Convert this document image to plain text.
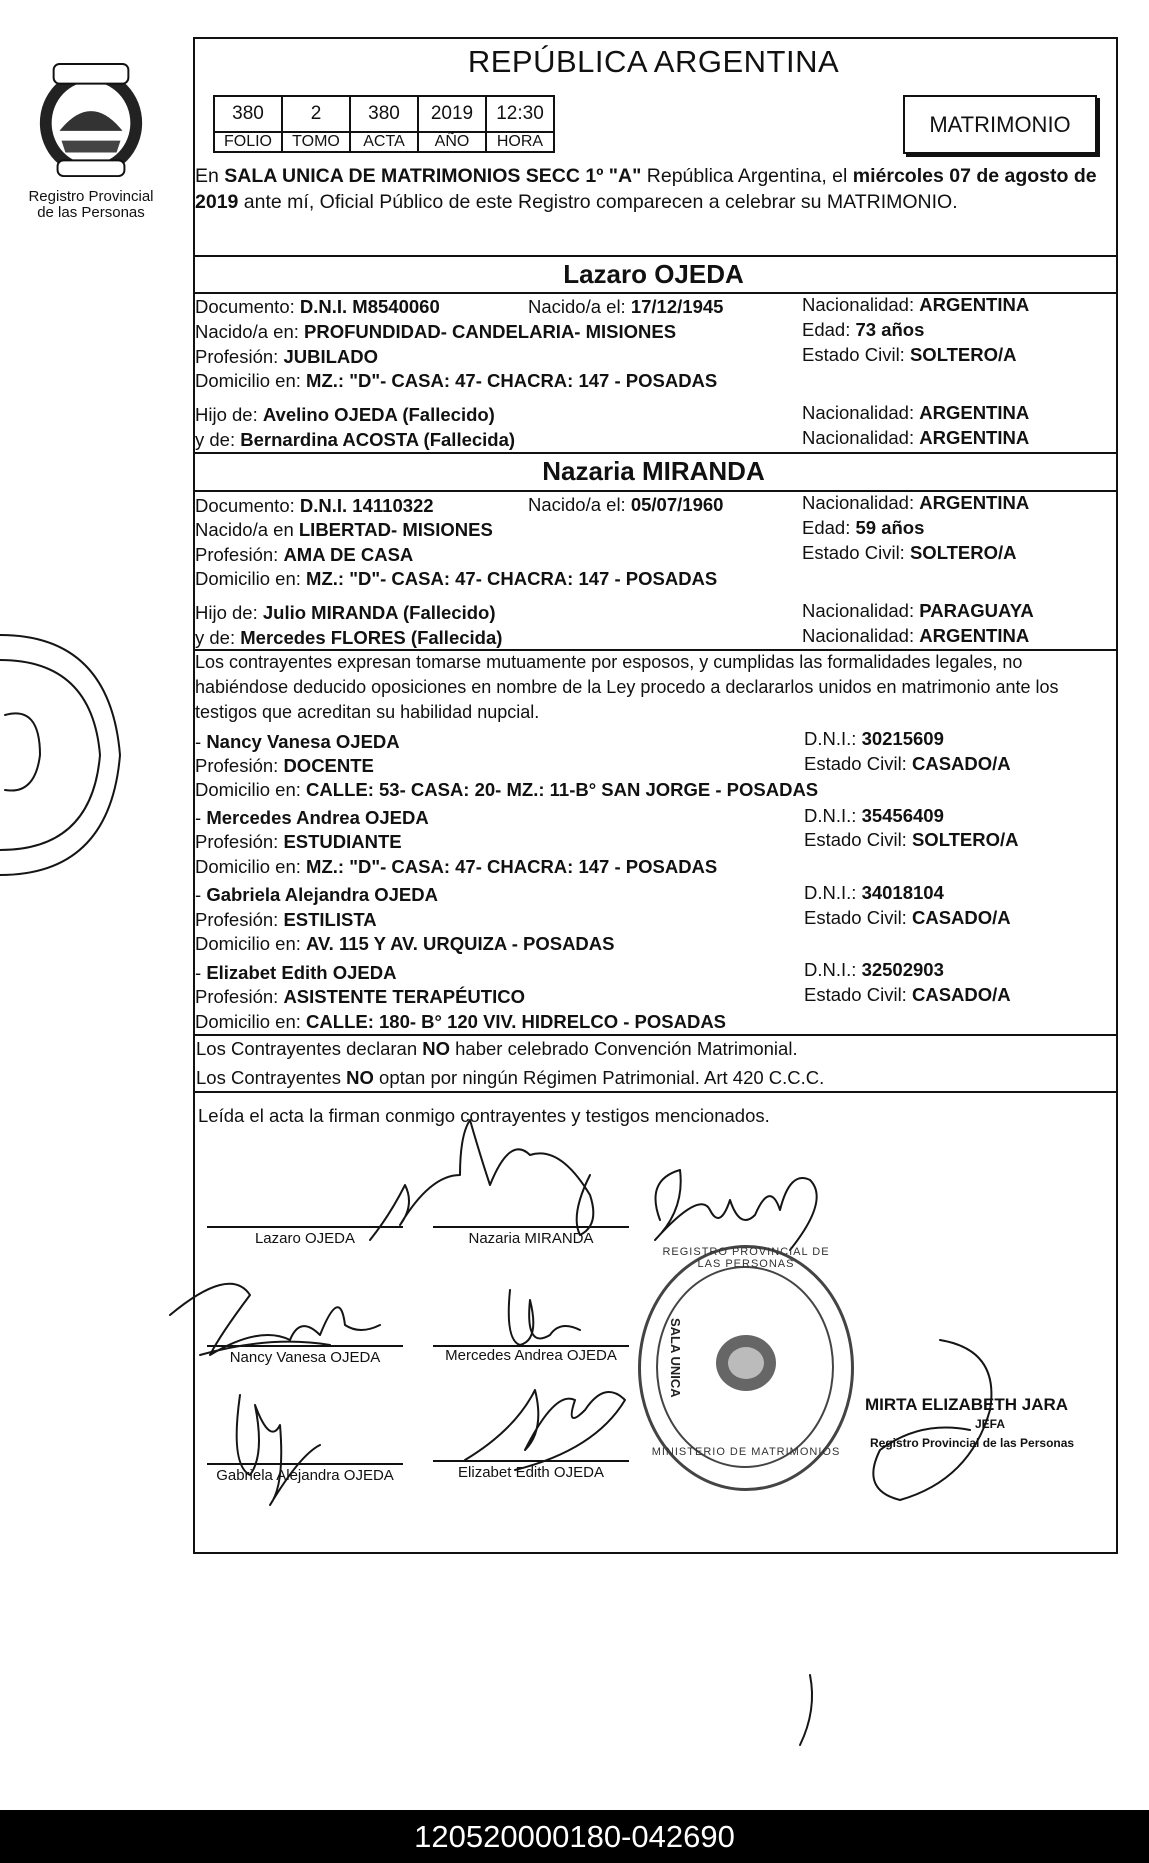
Registro Provincial
de las Personas
REPÚBLICA ARGENTINA
380	2	380	2019	12:30
FOLIO	TOMO	ACTA	AÑO	HORA
MATRIMONIO
En SALA UNICA DE MATRIMONIOS SECC 1º "A" República Argentina, el miércoles 07 de agosto de 2019 ante mí, Oficial Público de este Registro comparecen a celebrar su MATRIMONIO.
Lazaro OJEDA
Documento: D.N.I. M8540060	Nacido/a el: 17/12/1945	Nacionalidad: ARGENTINA
Nacido/a en: PROFUNDIDAD- CANDELARIA- MISIONES	Edad: 73 años
Profesión: JUBILADO	Estado Civil: SOLTERO/A
Domicilio en: MZ.: "D"- CASA: 47- CHACRA: 147 - POSADAS
Hijo de: Avelino OJEDA (Fallecido)	Nacionalidad: ARGENTINA
y de: Bernardina ACOSTA (Fallecida)	Nacionalidad: ARGENTINA
Nazaria MIRANDA
Documento: D.N.I. 14110322	Nacido/a el: 05/07/1960	Nacionalidad: ARGENTINA
Nacido/a en LIBERTAD- MISIONES	Edad: 59 años
Profesión: AMA DE CASA	Estado Civil: SOLTERO/A
Domicilio en: MZ.: "D"- CASA: 47- CHACRA: 147 - POSADAS
Hijo de: Julio MIRANDA (Fallecido)	Nacionalidad: PARAGUAYA
y de: Mercedes FLORES (Fallecida)	Nacionalidad: ARGENTINA
Los contrayentes expresan tomarse mutuamente por esposos, y cumplidas las formalidades legales, no habiéndose deducido oposiciones en nombre de la Ley procedo a declararlos unidos en matrimonio ante los testigos que acreditan su habilidad nupcial.
- Nancy Vanesa OJEDA	D.N.I.: 30215609
Profesión: DOCENTE	Estado Civil: CASADO/A
Domicilio en: CALLE: 53- CASA: 20- MZ.: 11-B° SAN JORGE - POSADAS
- Mercedes Andrea OJEDA	D.N.I.: 35456409
Profesión: ESTUDIANTE	Estado Civil: SOLTERO/A
Domicilio en: MZ.: "D"- CASA: 47- CHACRA: 147 - POSADAS
- Gabriela Alejandra OJEDA	D.N.I.: 34018104
Profesión: ESTILISTA	Estado Civil: CASADO/A
Domicilio en: AV. 115 Y AV. URQUIZA - POSADAS
- Elizabet Edith OJEDA	D.N.I.: 32502903
Profesión: ASISTENTE TERAPÉUTICO	Estado Civil: CASADO/A
Domicilio en: CALLE: 180- B° 120 VIV. HIDRELCO - POSADAS
Los Contrayentes declaran NO haber celebrado Convención Matrimonial.
Los Contrayentes NO optan por ningún Régimen Patrimonial. Art 420 C.C.C.
Leída el acta la firman conmigo contrayentes y testigos mencionados.
Lazaro OJEDA	Nazaria MIRANDA
Nancy Vanesa OJEDA	Mercedes Andrea OJEDA
Gabriela Alejandra OJEDA	Elizabet Edith OJEDA
REGISTRO PROVINCIAL DE LAS PERSONAS
SALA UNICA
MINISTERIO DE MATRIMONIOS
MIRTA ELIZABETH JARA
JEFA
Registro Provincial de las Personas
120520000180-042690
